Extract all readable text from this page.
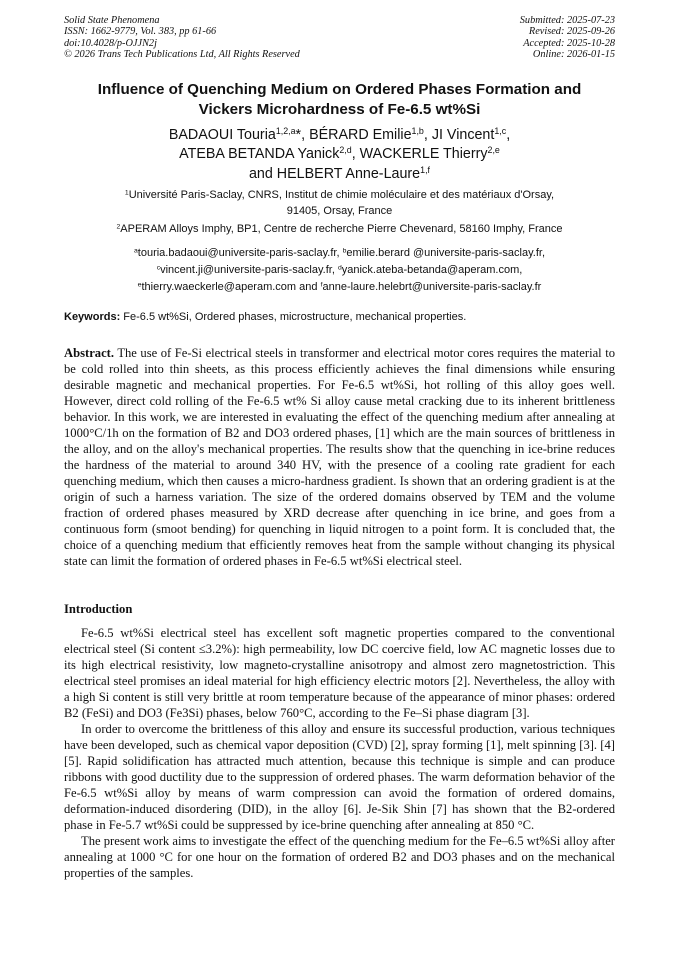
Solid State Phenomena
ISSN: 1662-9779, Vol. 383, pp 61-66
doi:10.4028/p-OJJN2j
© 2026 Trans Tech Publications Ltd, All Rights Reserved
Submitted: 2025-07-23
Revised: 2025-09-26
Accepted: 2025-10-28
Online: 2026-01-15
Influence of Quenching Medium on Ordered Phases Formation and
Vickers Microhardness of Fe-6.5 wt%Si
BADAOUI Touria$^{1,2,a}$*, BÉRARD Emilie$^{1,b}$, JI Vincent$^{1,c}$,
ATEBA BETANDA Yanick$^{2,d}$, WACKERLE Thierry$^{2,e}$
and HELBERT Anne-Laure$^{1,f}$
$^1$Université Paris-Saclay, CNRS, Institut de chimie moléculaire et des matériaux d'Orsay,
91405, Orsay, France
$^2$APERAM Alloys Imphy, BP1, Centre de recherche Pierre Chevenard, 58160 Imphy, France
$^a$touria.badaoui@universite-paris-saclay.fr, $^b$emilie.berard @universite-paris-saclay.fr,
$^c$vincent.ji@universite-paris-saclay.fr, $^d$yanick.ateba-betanda@aperam.com,
$^e$thierry.waeckerle@aperam.com and $^f$anne-laure.helebrt@universite-paris-saclay.fr
Keywords: Fe-6.5 wt%Si, Ordered phases, microstructure, mechanical properties.
Abstract. The use of Fe-Si electrical steels in transformer and electrical motor cores requires the material to be cold rolled into thin sheets, as this process efficiently achieves the final dimensions while ensuring desirable magnetic and mechanical properties. For Fe-6.5 wt%Si, hot rolling of this alloy goes well. However, direct cold rolling of the Fe-6.5 wt% Si alloy cause metal cracking due to its inherent brittleness behavior. In this work, we are interested in evaluating the effect of the quenching medium after annealing at 1000°C/1h on the formation of B2 and DO3 ordered phases, [1] which are the main sources of brittleness in the alloy, and on the alloy's mechanical properties. The results show that the quenching in ice-brine reduces the hardness of the material to around 340 HV, with the presence of a cooling rate gradient for each quenching medium, which then causes a micro-hardness gradient. Is shown that an ordering gradient is at the origin of such a harness variation. The size of the ordered domains observed by TEM and the volume fraction of ordered phases measured by XRD decrease after quenching in ice brine, and goes from a continuous form (smoot bending) for quenching in liquid nitrogen to a point form. It is concluded that, the choice of a quenching medium that efficiently removes heat from the sample without changing its physical state can limit the formation of ordered phases in Fe-6.5 wt%Si electrical steel.
Introduction

Fe-6.5 wt%Si electrical steel has excellent soft magnetic properties compared to the conventional electrical steel (Si content ≤3.2%): high permeability, low DC coercive field, low AC magnetic losses due to its high electrical resistivity, low magneto-crystalline anisotropy and almost zero magnetostriction. This electrical steel promises an ideal material for high efficiency electric motors [2]. Nevertheless, the alloy with a high Si content is still very brittle at room temperature because of the appearance of minor phases: ordered B2 (FeSi) and DO3 (Fe3Si) phases, below 760°C, according to the Fe–Si phase diagram [3].

In order to overcome the brittleness of this alloy and ensure its successful production, various techniques have been developed, such as chemical vapor deposition (CVD) [2], spray forming [1], melt spinning [3]. [4] [5]. Rapid solidification has attracted much attention, because this technique is simple and can produce ribbons with good ductility due to the suppression of ordered phases. The warm deformation behavior of the Fe-6.5 wt%Si alloy by means of warm compression can avoid the formation of ordered domains, deformation-induced disordering (DID), in the alloy [6]. Je-Sik Shin [7] has shown that the B2-ordered phase in Fe-5.7 wt%Si could be suppressed by ice-brine quenching after annealing at 850 °C.

The present work aims to investigate the effect of the quenching medium for the Fe–6.5 wt%Si alloy after annealing at 1000 °C for one hour on the formation of ordered B2 and DO3 phases and on the mechanical properties of the samples.
